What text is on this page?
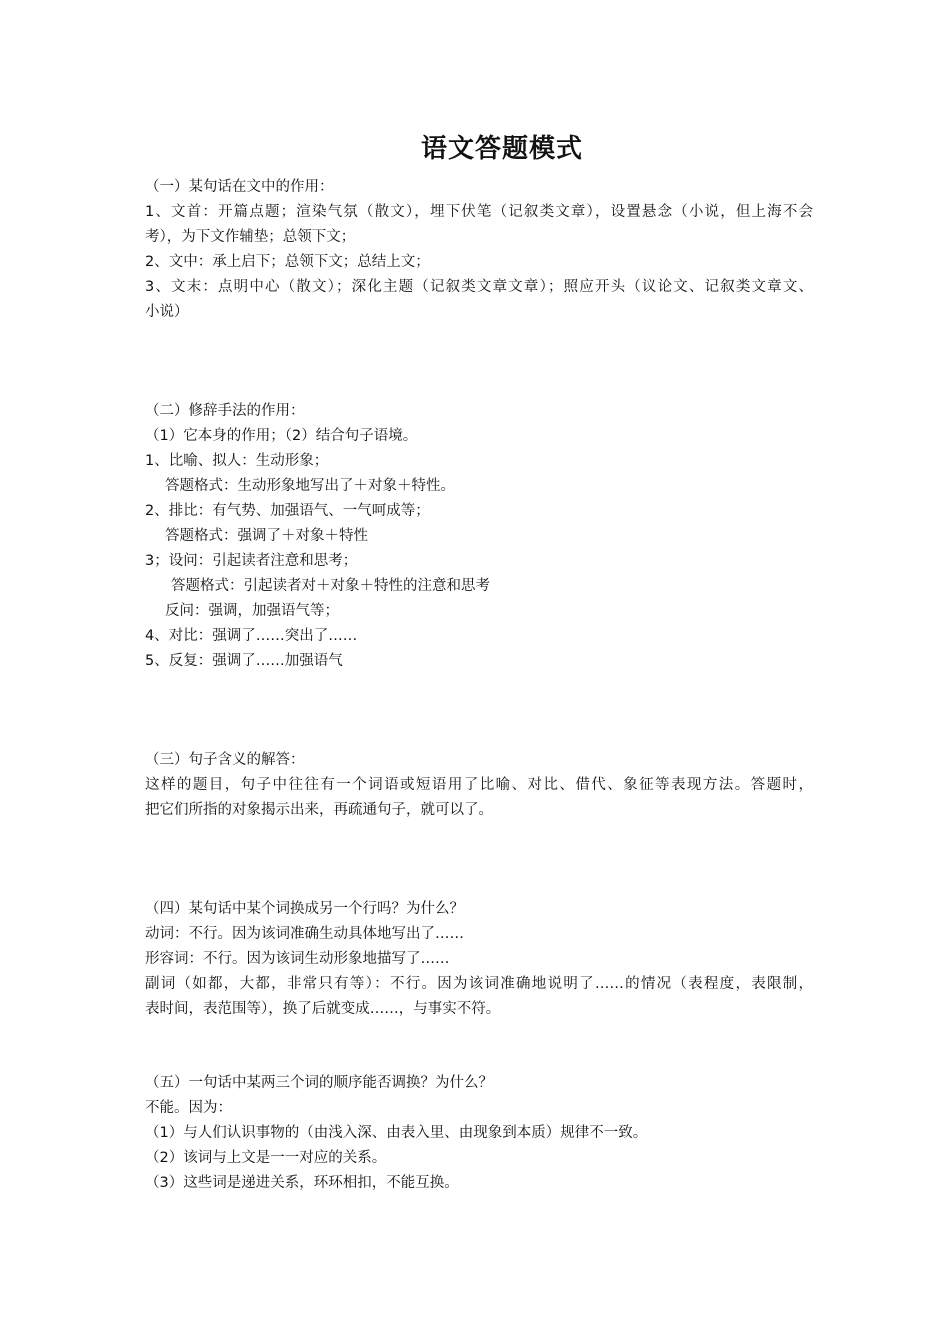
语文答题模式
（一）某句话在文中的作用：
1、文首：开篇点题；渲染气氛（散文），埋下伏笔（记叙类文章），设置悬念（小说，但上海不会
考），为下文作辅垫；总领下文；
2、文中：承上启下；总领下文；总结上文；
3、文末：点明中心（散文）；深化主题（记叙类文章文章）；照应开头（议论文、记叙类文章文、
小说）
（二）修辞手法的作用：
（1）它本身的作用；（2）结合句子语境。
1、比喻、拟人：生动形象；
答题格式：生动形象地写出了＋对象＋特性。
2、排比：有气势、加强语气、一气呵成等；
答题格式：强调了＋对象＋特性
3；设问：引起读者注意和思考；
答题格式：引起读者对＋对象＋特性的注意和思考
反问：强调，加强语气等；
4、对比：强调了……突出了……
5、反复：强调了……加强语气
（三）句子含义的解答：
这样的题目，句子中往往有一个词语或短语用了比喻、对比、借代、象征等表现方法。答题时，
把它们所指的对象揭示出来，再疏通句子，就可以了。
（四）某句话中某个词换成另一个行吗？为什么？
动词：不行。因为该词准确生动具体地写出了……
形容词：不行。因为该词生动形象地描写了……
副词（如都，大都，非常只有等）：不行。因为该词准确地说明了……的情况（表程度，表限制，
表时间，表范围等），换了后就变成……，与事实不符。
（五）一句话中某两三个词的顺序能否调换？为什么？
不能。因为：
（1）与人们认识事物的（由浅入深、由表入里、由现象到本质）规律不一致。
（2）该词与上文是一一对应的关系。
（3）这些词是递进关系，环环相扣，不能互换。
